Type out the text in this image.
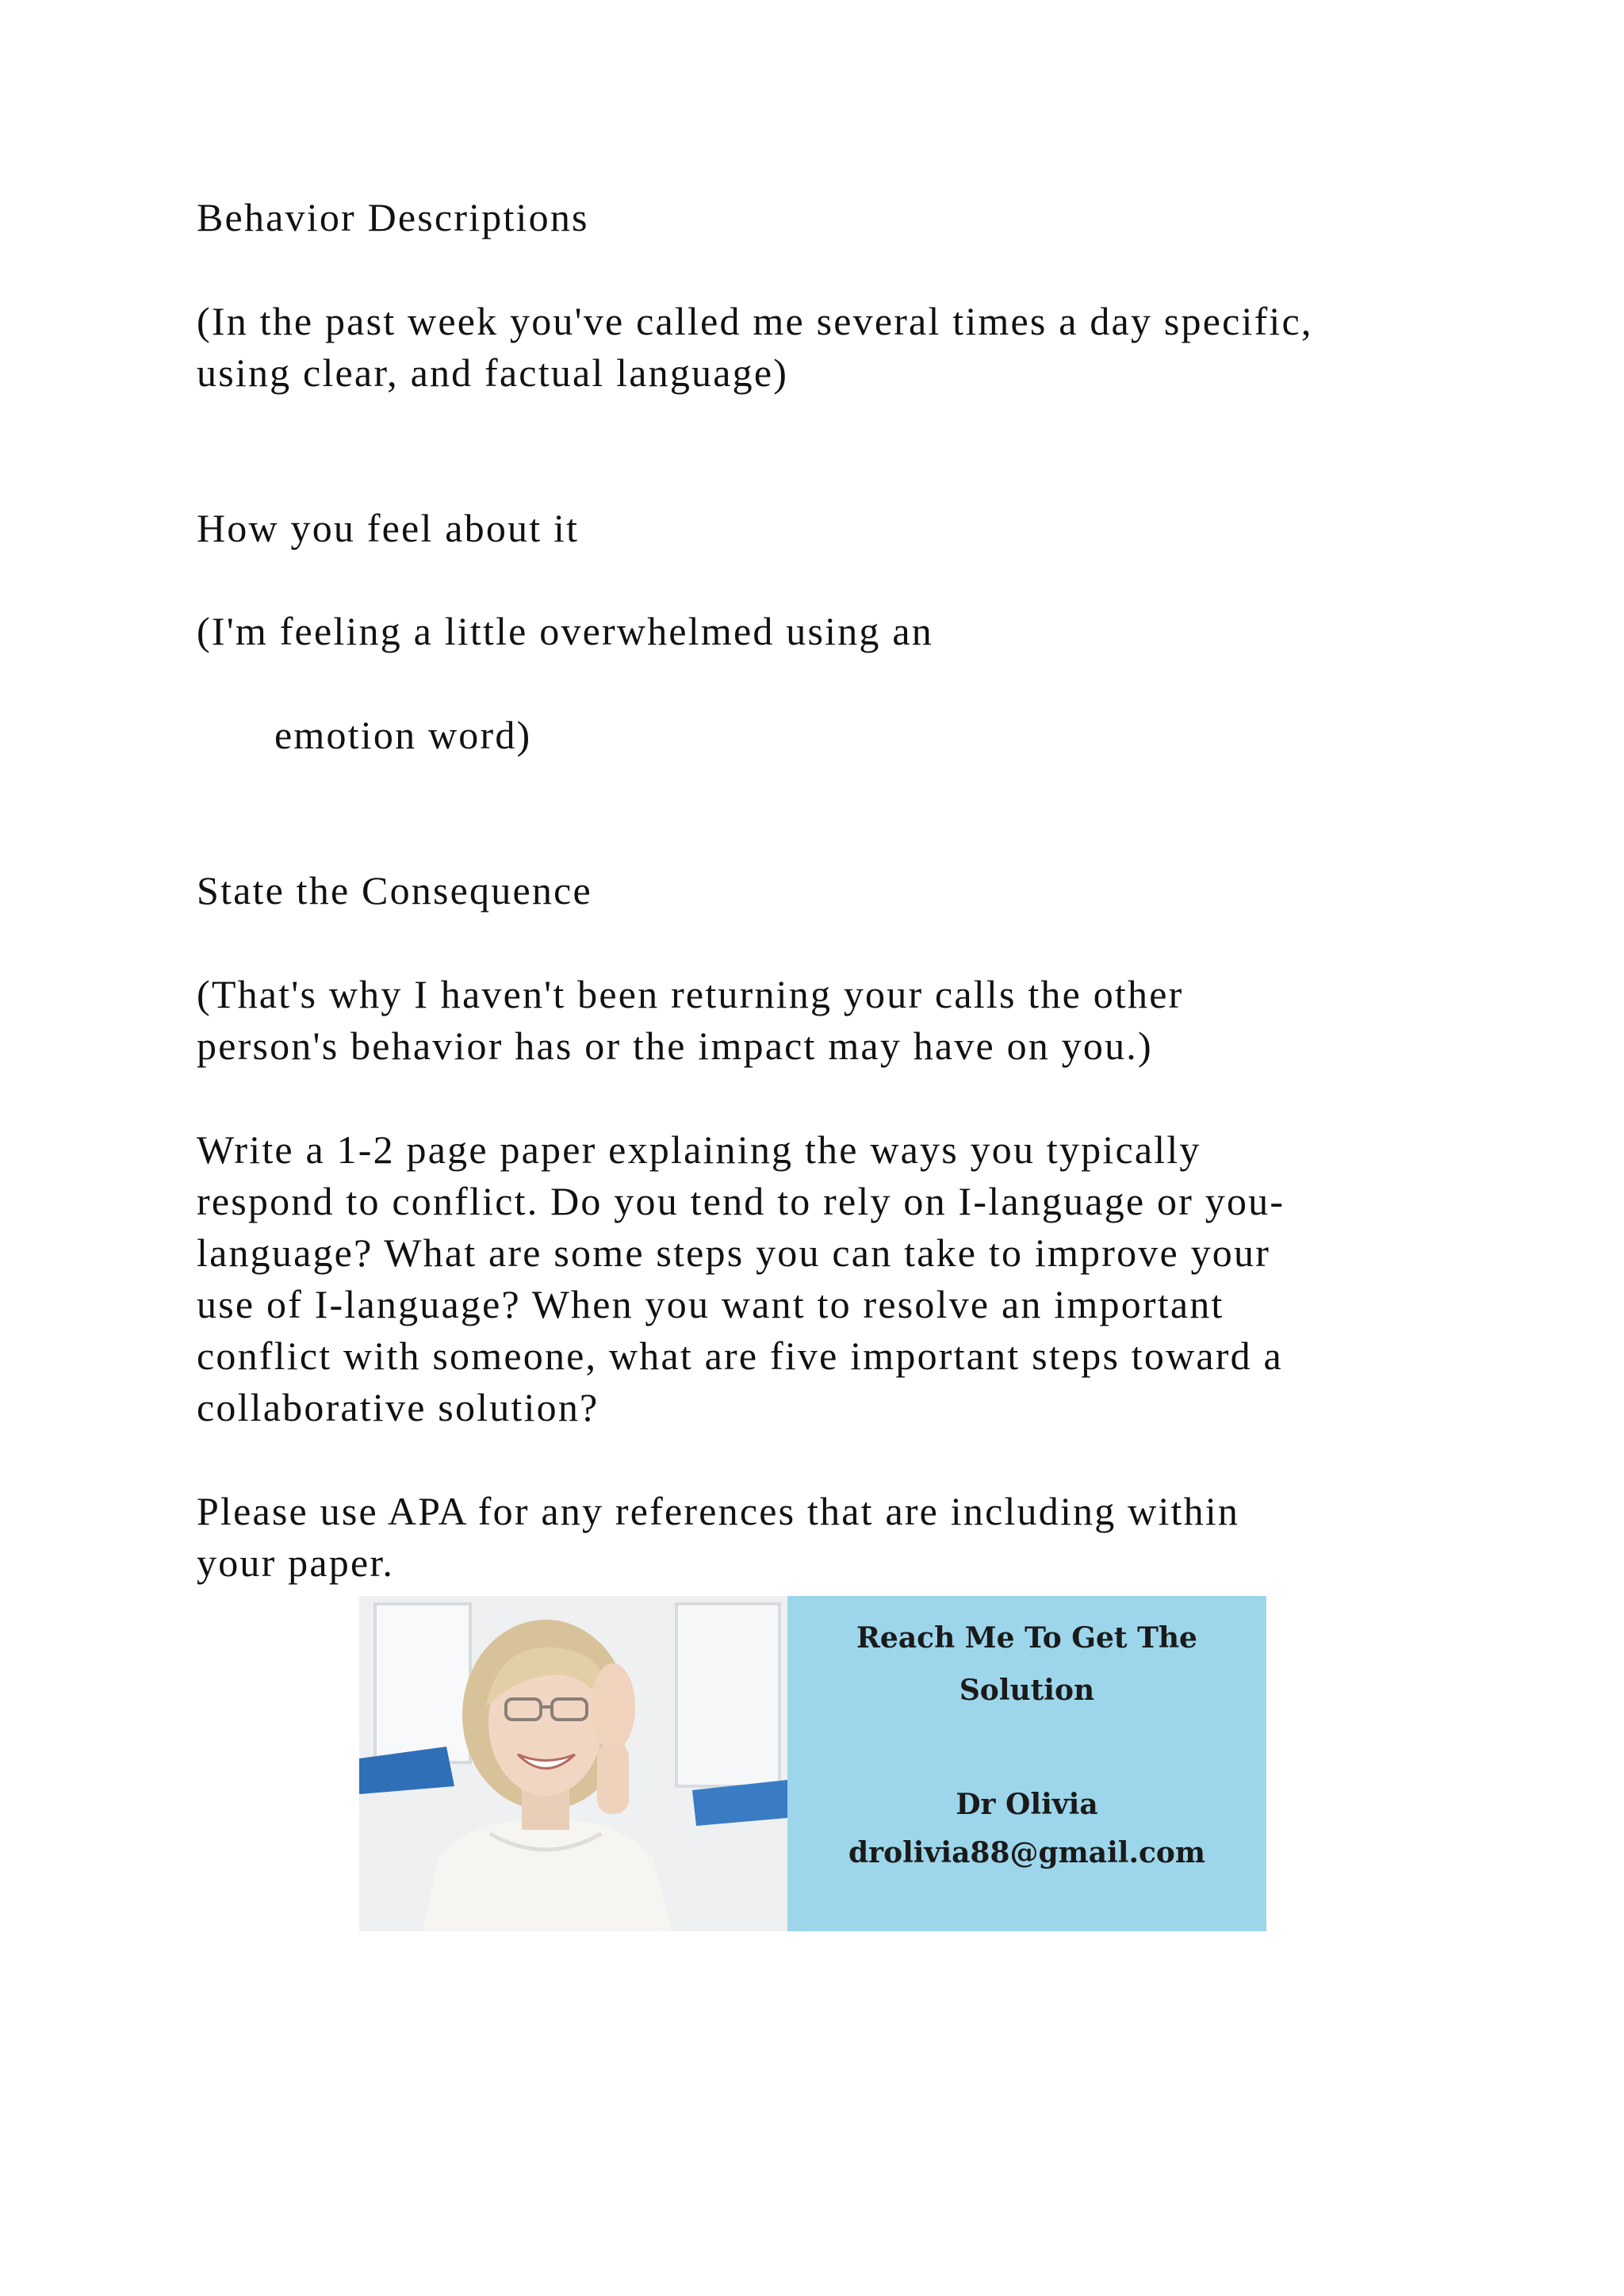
Behavior Descriptions

(In the past week you've called me several times a day specific,

using clear, and factual language)

How you feel about it

(I'm feeling a little overwhelmed using an

emotion word)

State the Consequence

(That's why I haven't been returning your calls the other

person's behavior has or the impact may have on you.)

Write a 1-2 page paper explaining the ways you typically

respond to conflict. Do you tend to rely on I-language or you-

language? What are some steps you can take to improve your

use of I-language? When you want to resolve an important

conflict with someone, what are five important steps toward a

collaborative solution?

Please use APA for any references that are including within

your paper.

Reach Me To Get The
Solution
Dr Olivia
drolivia88@gmail.com
